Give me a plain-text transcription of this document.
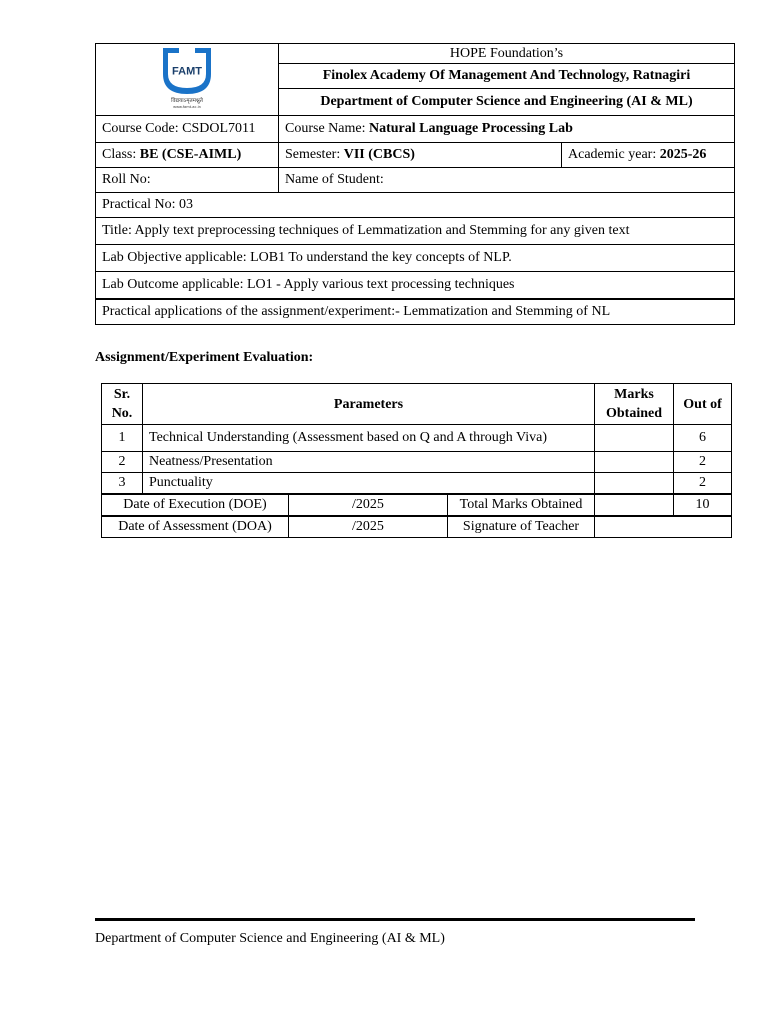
FAMT
विद्ययाऽमृतमश्नुते
www.famt.ac.in	HOPE Foundation’s	
	Finolex Academy Of Management And Technology, Ratnagiri	
	Department of Computer Science and Engineering (AI & ML)	
Course Code: CSDOL7011	Course Name: Natural Language Processing Lab	
Class: BE (CSE-AIML)	Semester: VII (CBCS)	Academic year: 2025-26
Roll No:	Name of Student:	
Practical No: 03		
Title: Apply text preprocessing techniques of Lemmatization and Stemming for any given text		
Lab Objective applicable: LOB1 To understand the key concepts of NLP.		
Lab Outcome applicable: LO1 - Apply various text processing techniques		
Practical applications of the assignment/experiment:- Lemmatization and Stemming of NL		
Assignment/Experiment Evaluation:
Sr. No.	Parameters			Marks Obtained	Out of
1	Technical Understanding (Assessment based on Q and A through Viva)				6
2	Neatness/Presentation				2
3	Punctuality				2
Date of Execution (DOE)		/2025	Total Marks Obtained		10
Date of Assessment (DOA)		/2025	Signature of Teacher		
Department of Computer Science and Engineering (AI & ML)
